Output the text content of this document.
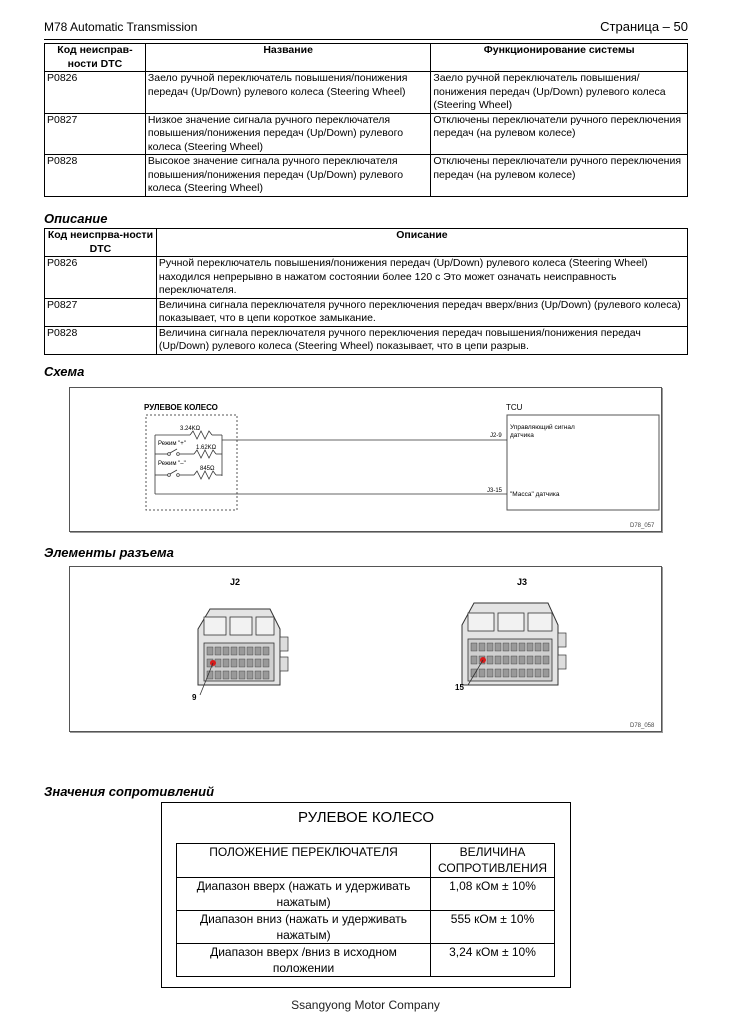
M78 Automatic Transmission	Страница – 50
Код неисправ-ности DTC	Название	Функционирование системы
P0826	Заело ручной переключатель повышения/понижения передач (Up/Down) рулевого колеса (Steering Wheel)	Заело ручной переключатель повышения/понижения передач (Up/Down) рулевого колеса (Steering Wheel)
P0827	Низкое значение сигнала ручного переключателя повышения/понижения передач (Up/Down) рулевого колеса (Steering Wheel)	Отключены переключатели ручного переключения передач (на рулевом колесе)
P0828	Высокое значение сигнала ручного переключателя повышения/понижения передач (Up/Down) рулевого колеса (Steering Wheel)	Отключены переключатели ручного переключения передач (на рулевом колесе)
Описание
Код неиспрва-ности DTC	Описание
P0826	Ручной переключатель повышения/понижения передач (Up/Down) рулевого колеса (Steering Wheel) находился непрерывно в нажатом состоянии более 120 с Это может означать неисправность переключателя.
P0827	Величина сигнала переключателя ручного переключения передач вверх/вниз (Up/Down) (рулевого колеса) показывает, что в цепи короткое замыкание.
P0828	Величина сигнала переключателя ручного переключения передач повышения/понижения передач (Up/Down) рулевого колеса (Steering Wheel) показывает, что в цепи разрыв.
Схема
РУЛЕВОЕ КОЛЕСО	TCU
3.24KΩ
Режим "+"
1.62KΩ
Режим "–"
845Ω
J2-9
J3-15
Управляющий сигнал датчика
"Масса" датчика
D78_057
Элементы разъема
J2	J3
9
15
D78_058
Значения сопротивлений
РУЛЕВОЕ КОЛЕСО
ПОЛОЖЕНИЕ ПЕРЕКЛЮЧАТЕЛЯ	ВЕЛИЧИНА СОПРОТИВЛЕНИЯ
Диапазон вверх (нажать и удерживать нажатым)	1,08 кОм ± 10%
Диапазон вниз (нажать и удерживать нажатым)	555 кОм ± 10%
Диапазон вверх /вниз в исходном положении	3,24 кОм ± 10%
Ssangyong Motor Company
